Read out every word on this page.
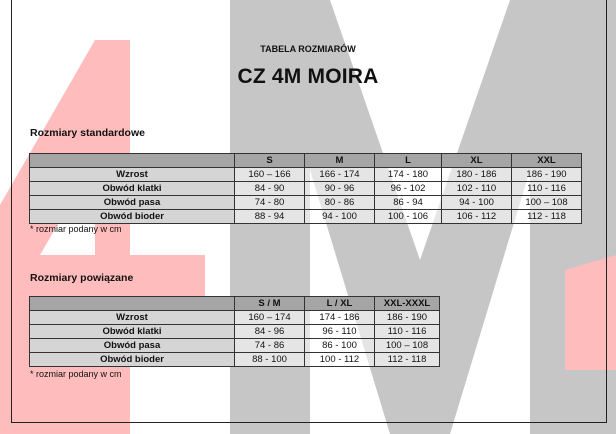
TABELA ROZMIARÓW
CZ 4M MOIRA
Rozmiary standardowe
	S	M	L	XL	XXL
Wzrost	160 – 166	166 - 174	174 - 180	180 - 186	186 - 190
Obwód klatki	84 - 90	90 - 96	96 - 102	102 - 110	110 - 116
Obwód pasa	74 - 80	80 - 86	86 - 94	94 - 100	100 – 108
Obwód bioder	88 - 94	94 - 100	100 - 106	106 - 112	112 - 118
* rozmiar podany w cm
Rozmiary powiązane
	S / M	L / XL	XXL-XXXL
Wzrost	160 – 174	174 - 186	186 - 190
Obwód klatki	84 - 96	96 - 110	110 - 116
Obwód pasa	74 - 86	86 - 100	100 – 108
Obwód bioder	88 - 100	100 - 112	112 - 118
* rozmiar podany w cm
